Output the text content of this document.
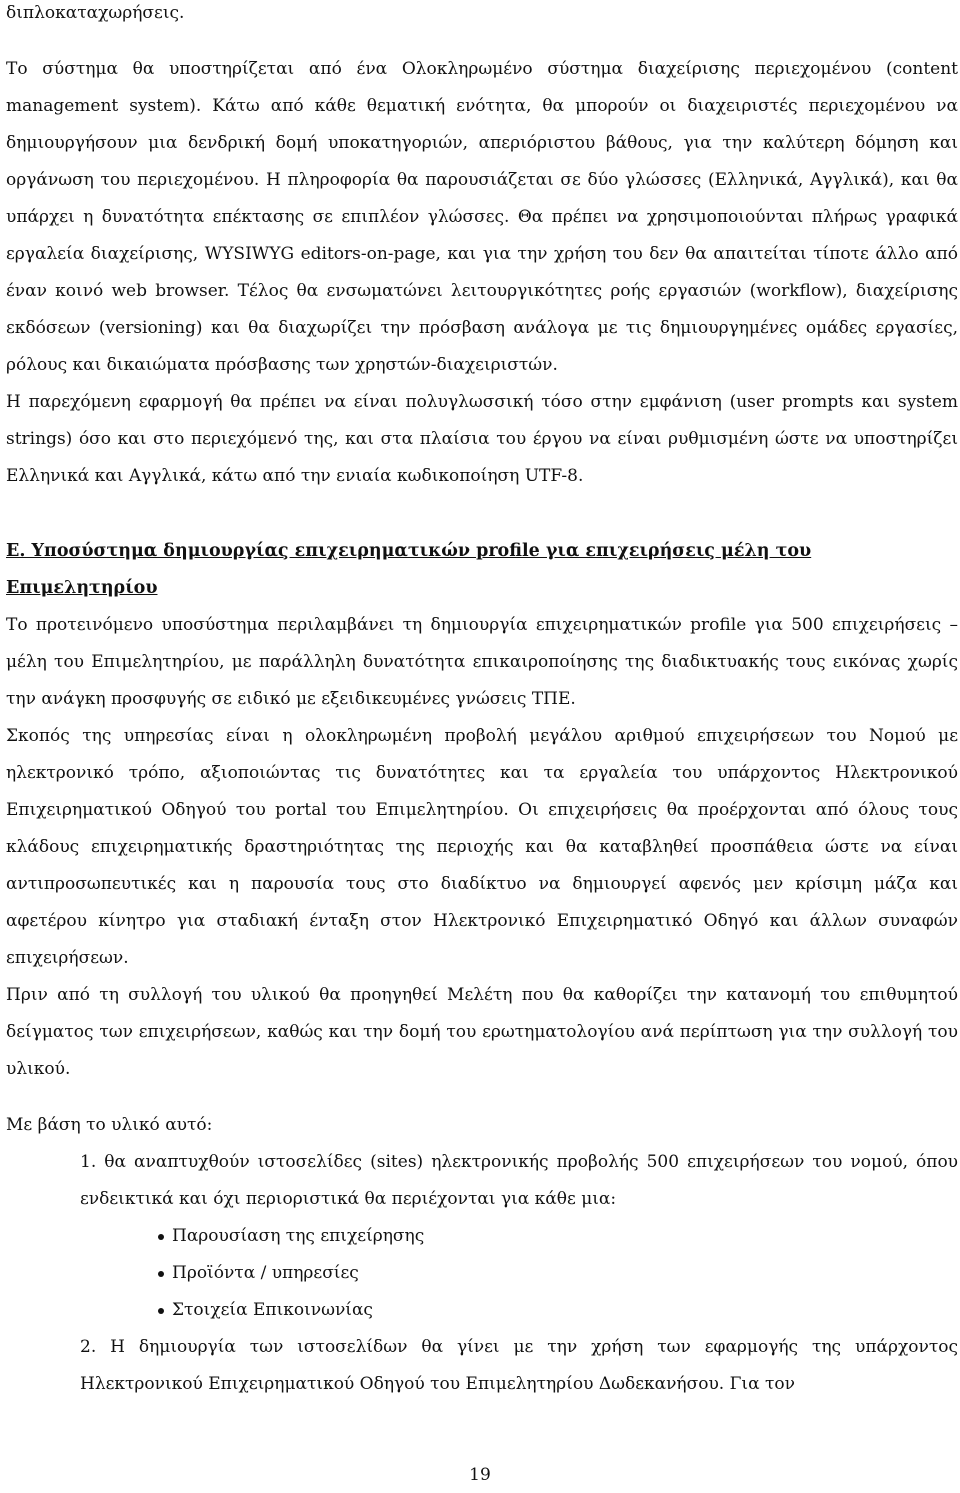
διπλοκαταχωρήσεις.

Το σύστημα θα υποστηρίζεται από ένα Ολοκληρωμένο σύστημα διαχείρισης περιεχομένου (content management system). Κάτω από κάθε θεματική ενότητα, θα μπορούν οι διαχειριστές περιεχομένου να δημιουργήσουν μια δενδρική δομή υποκατηγοριών, απεριόριστου βάθους, για την καλύτερη δόμηση και οργάνωση του περιεχομένου. Η πληροφορία θα παρουσιάζεται σε δύο γλώσσες (Ελληνικά, Αγγλικά), και θα υπάρχει η δυνατότητα επέκτασης σε επιπλέον γλώσσες. Θα πρέπει να χρησιμοποιούνται πλήρως γραφικά εργαλεία διαχείρισης, WYSIWYG editors-on-page, και για την χρήση του δεν θα απαιτείται τίποτε άλλο από έναν κοινό web browser. Τέλος θα ενσωματώνει λειτουργικότητες ροής εργασιών (workflow), διαχείρισης εκδόσεων (versioning) και θα διαχωρίζει την πρόσβαση ανάλογα με τις δημιουργημένες ομάδες εργασίες, ρόλους και δικαιώματα πρόσβασης των χρηστών-διαχειριστών.

Η παρεχόμενη εφαρμογή θα πρέπει να είναι πολυγλωσσική τόσο στην εμφάνιση (user prompts και system strings) όσο και στο περιεχόμενό της, και στα πλαίσια του έργου να είναι ρυθμισμένη ώστε να υποστηρίζει Ελληνικά και Αγγλικά, κάτω από την ενιαία κωδικοποίηση UTF-8.

Ε. Υποσύστημα δημιουργίας επιχειρηματικών profile για επιχειρήσεις μέλη του Επιμελητηρίου

Το προτεινόμενο υποσύστημα περιλαμβάνει τη δημιουργία επιχειρηματικών profile για 500 επιχειρήσεις – μέλη του Επιμελητηρίου, με παράλληλη δυνατότητα επικαιροποίησης της διαδικτυακής τους εικόνας χωρίς την ανάγκη προσφυγής σε ειδικό με εξειδικευμένες γνώσεις ΤΠΕ.

Σκοπός της υπηρεσίας είναι η ολοκληρωμένη προβολή μεγάλου αριθμού επιχειρήσεων του Νομού με ηλεκτρονικό τρόπο, αξιοποιώντας τις δυνατότητες και τα εργαλεία του υπάρχοντος Ηλεκτρονικού Επιχειρηματικού Οδηγού του portal του Επιμελητηρίου. Οι επιχειρήσεις θα προέρχονται από όλους τους κλάδους επιχειρηματικής δραστηριότητας της περιοχής και θα καταβληθεί προσπάθεια ώστε να είναι αντιπροσωπευτικές και η παρουσία τους στο διαδίκτυο να δημιουργεί αφενός μεν κρίσιμη μάζα και αφετέρου κίνητρο για σταδιακή ένταξη στον Ηλεκτρονικό Επιχειρηματικό Οδηγό και άλλων συναφών επιχειρήσεων.

Πριν από τη συλλογή του υλικού θα προηγηθεί Μελέτη που θα καθορίζει την κατανομή του επιθυμητού δείγματος των επιχειρήσεων, καθώς και την δομή του ερωτηματολογίου ανά περίπτωση για την συλλογή του υλικού.

Με βάση το υλικό αυτό:

1. θα αναπτυχθούν ιστοσελίδες (sites) ηλεκτρονικής προβολής 500 επιχειρήσεων του νομού, όπου ενδεικτικά και όχι περιοριστικά θα περιέχονται για κάθε μια:

Παρουσίαση της επιχείρησης
Προϊόντα / υπηρεσίες
Στοιχεία Επικοινωνίας

2. Η δημιουργία των ιστοσελίδων θα γίνει με την χρήση των εφαρμογής της υπάρχοντος Ηλεκτρονικού Επιχειρηματικού Οδηγού του Επιμελητηρίου Δωδεκανήσου. Για τον

19
